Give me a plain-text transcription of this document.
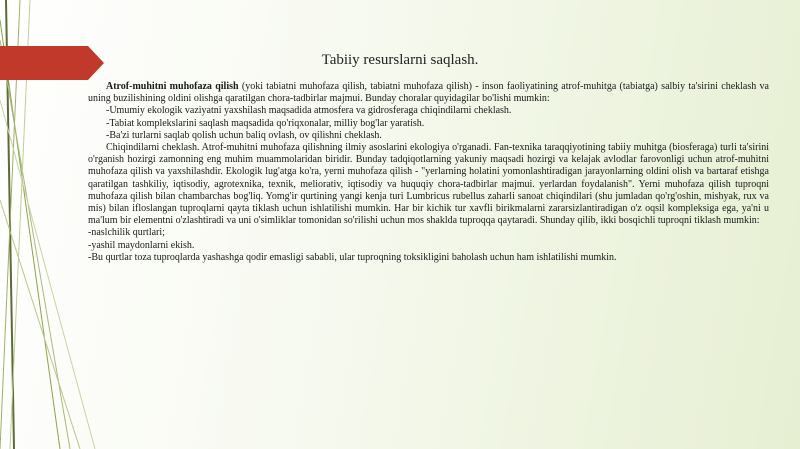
Tabiiy resurslarni saqlash.

Atrof-muhitni muhofaza qilish (yoki tabiatni muhofaza qilish, tabiatni muhofaza qilish) - inson faoliyatining atrof-muhitga (tabiatga) salbiy ta'sirini cheklash va uning buzilishining oldini olishga qaratilgan chora-tadbirlar majmui. Bunday choralar quyidagilar bo'lishi mumkin:

-Umumiy ekologik vaziyatni yaxshilash maqsadida atmosfera va gidrosferaga chiqindilarni cheklash.

-Tabiat komplekslarini saqlash maqsadida qo'riqxonalar, milliy bog'lar yaratish.

-Ba'zi turlarni saqlab qolish uchun baliq ovlash, ov qilishni cheklash.

Chiqindilarni cheklash. Atrof-muhitni muhofaza qilishning ilmiy asoslarini ekologiya o'rganadi. Fan-texnika taraqqiyotining tabiiy muhitga (biosferaga) turli ta'sirini o'rganish hozirgi zamonning eng muhim muammolaridan biridir. Bunday tadqiqotlarning yakuniy maqsadi hozirgi va kelajak avlodlar farovonligi uchun atrof-muhitni muhofaza qilish va yaxshilashdir. Ekologik lug'atga ko'ra, yerni muhofaza qilish - "yerlarning holatini yomonlashtiradigan jarayonlarning oldini olish va bartaraf etishga qaratilgan tashkiliy, iqtisodiy, agrotexnika, texnik, meliorativ, iqtisodiy va huquqiy chora-tadbirlar majmui. yerlardan foydalanish". Yerni muhofaza qilish tuproqni muhofaza qilish bilan chambarchas bog'liq. Yomg'ir qurtining yangi kenja turi Lumbricus rubellus zaharli sanoat chiqindilari (shu jumladan qo'rg'oshin, mishyak, rux va mis) bilan ifloslangan tuproqlarni qayta tiklash uchun ishlatilishi mumkin. Har bir kichik tur xavfli birikmalarni zararsizlantiradigan o'z oqsil kompleksiga ega, ya'ni u ma'lum bir elementni o'zlashtiradi va uni o'simliklar tomonidan so'rilishi uchun mos shaklda tuproqqa qaytaradi. Shunday qilib, ikki bosqichli tuproqni tiklash mumkin:

-naslchilik qurtlari;

-yashil maydonlarni ekish.

-Bu qurtlar toza tuproqlarda yashashga qodir emasligi sababli, ular tuproqning toksikligini baholash uchun ham ishlatilishi mumkin.
